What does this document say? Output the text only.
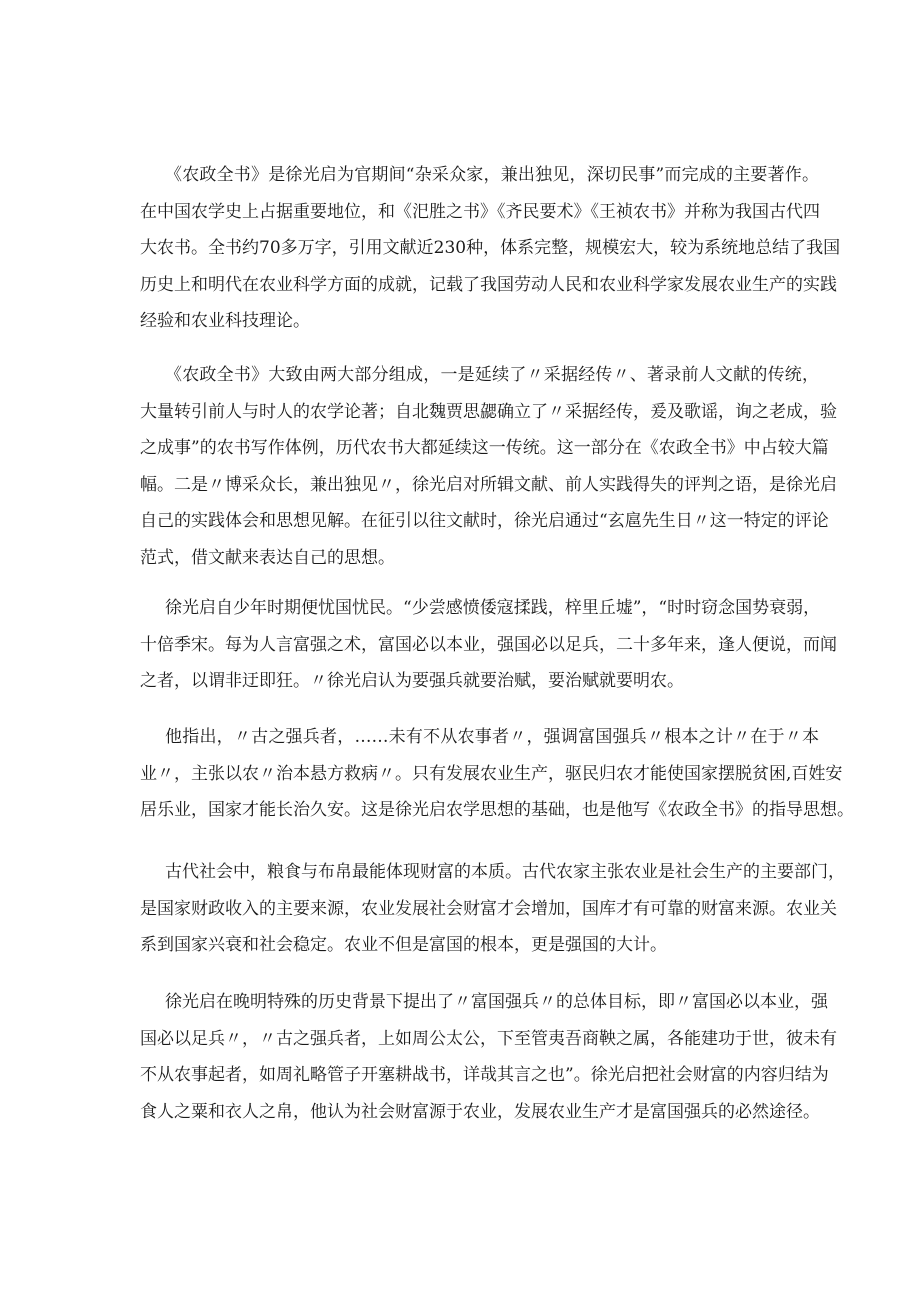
《农政全书》是徐光启为官期间“杂采众家，兼出独见，深切民事”而完成的主要著作。
在中国农学史上占据重要地位，和《汜胜之书》《齐民要术》《王祯农书》并称为我国古代四
大农书。全书约70多万字，引用文献近230种，体系完整，规模宏大，较为系统地总结了我国
历史上和明代在农业科学方面的成就，记载了我国劳动人民和农业科学家发展农业生产的实践
经验和农业科技理论。
《农政全书》大致由两大部分组成，一是延续了〃采据经传〃、著录前人文献的传统，
大量转引前人与时人的农学论著；自北魏贾思勰确立了〃采据经传，爰及歌谣，询之老成，验
之成事”的农书写作体例，历代农书大都延续这一传统。这一部分在《农政全书》中占较大篇
幅。二是〃博采众长，兼出独见〃，徐光启对所辑文献、前人实践得失的评判之语，是徐光启
自己的实践体会和思想见解。在征引以往文献时，徐光启通过“玄扈先生日〃这一特定的评论
范式，借文献来表达自己的思想。
徐光启自少年时期便忧国忧民。“少尝感愤倭寇揉践，梓里丘墟”，“时时窃念国势衰弱，
十倍季宋。每为人言富强之术，富国必以本业，强国必以足兵，二十多年来，逢人便说，而闻
之者，以谓非迂即狂。〃徐光启认为要强兵就要治赋，要治赋就要明农。
他指出，〃古之强兵者，……未有不从农事者〃，强调富国强兵〃根本之计〃在于〃本
业〃，主张以农〃治本悬方救病〃。只有发展农业生产，驱民归农才能使国家摆脱贫困,百姓安
居乐业，国家才能长治久安。这是徐光启农学思想的基础，也是他写《农政全书》的指导思想。
古代社会中，粮食与布帛最能体现财富的本质。古代农家主张农业是社会生产的主要部门，
是国家财政收入的主要来源，农业发展社会财富才会增加，国库才有可靠的财富来源。农业关
系到国家兴衰和社会稳定。农业不但是富国的根本，更是强国的大计。
徐光启在晚明特殊的历史背景下提出了〃富国强兵〃的总体目标，即〃富国必以本业，强
国必以足兵〃，〃古之强兵者，上如周公太公，下至管夷吾商鞅之属，各能建功于世，彼未有
不从农事起者，如周礼略管子开塞耕战书，详哉其言之也”。徐光启把社会财富的内容归结为
食人之粟和衣人之帛，他认为社会财富源于农业，发展农业生产才是富国强兵的必然途径。
